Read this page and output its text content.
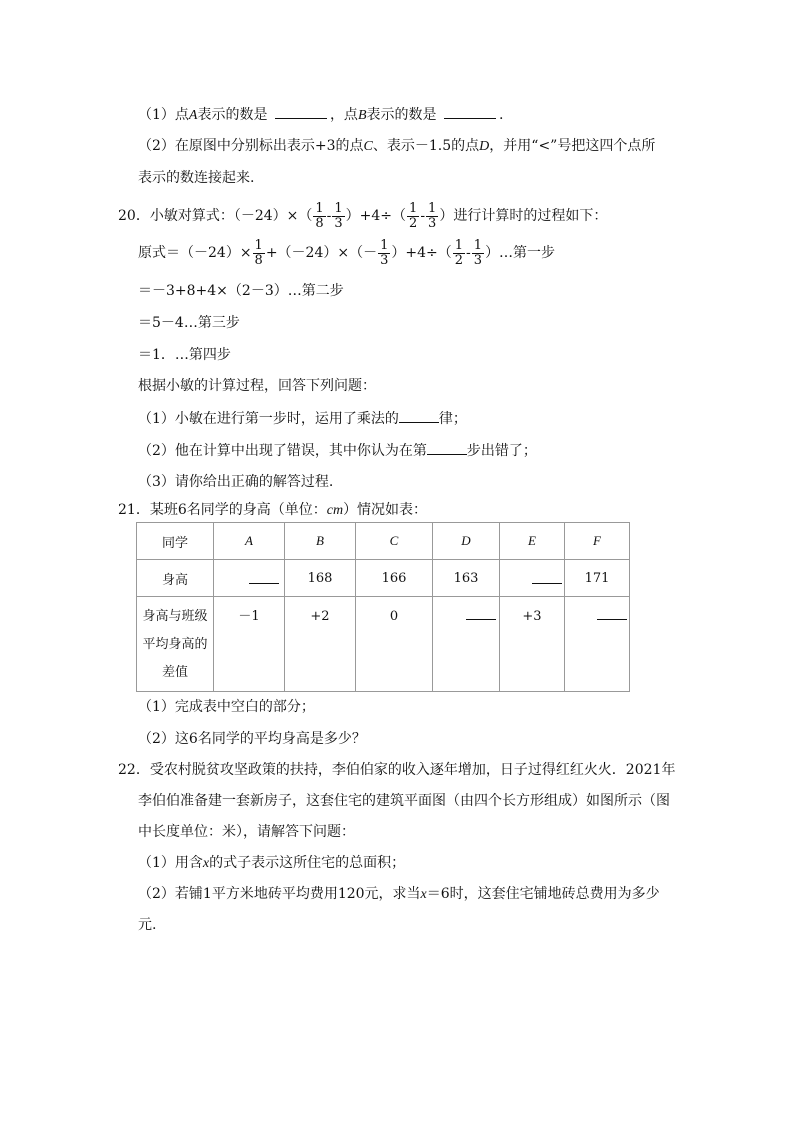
（1）点A表示的数是	，点B表示的数是	.
（2）在原图中分别标出表示+3的点C、表示－1.5的点D，并用“<”号把这四个点所
表示的数连接起来.
20．小敏对算式：$(-24)\times( \frac{1}{8} - \frac{1}{3} )+4\div( \frac{1}{2} - \frac{1}{3}$ ）进行计算时的过程如下：
原式$=(-24)\times \frac{1}{8} +(-24)\times(- \frac{1}{3} )+4\div( \frac{1}{2} - \frac{1}{3}$ ）…第一步
＝－3+8+4×（2－3）…第二步
＝5－4…第三步
＝1．…第四步
根据小敏的计算过程，回答下列问题：
（1）小敏在进行第一步时，运用了乘法的	律；
（2）他在计算中出现了错误，其中你认为在第	步出错了；
（3）请你给出正确的解答过程.
21．某班6名同学的身高（单位：cm）情况如表：
同学	A	B	C	D	E	F
身高		168	166	163		171

身高与班级
平均身高的
差值	－1	+2	0		+3	

（1）完成表中空白的部分；
（2）这6名同学的平均身高是多少？
22．受农村脱贫攻坚政策的扶持，李伯伯家的收入逐年增加，日子过得红红火火．2021年
李伯伯准备建一套新房子，这套住宅的建筑平面图（由四个长方形组成）如图所示（图
中长度单位：米），请解答下问题：
（1）用含x的式子表示这所住宅的总面积；
（2）若铺1平方米地砖平均费用120元，求当x＝6时，这套住宅铺地砖总费用为多少
元.
